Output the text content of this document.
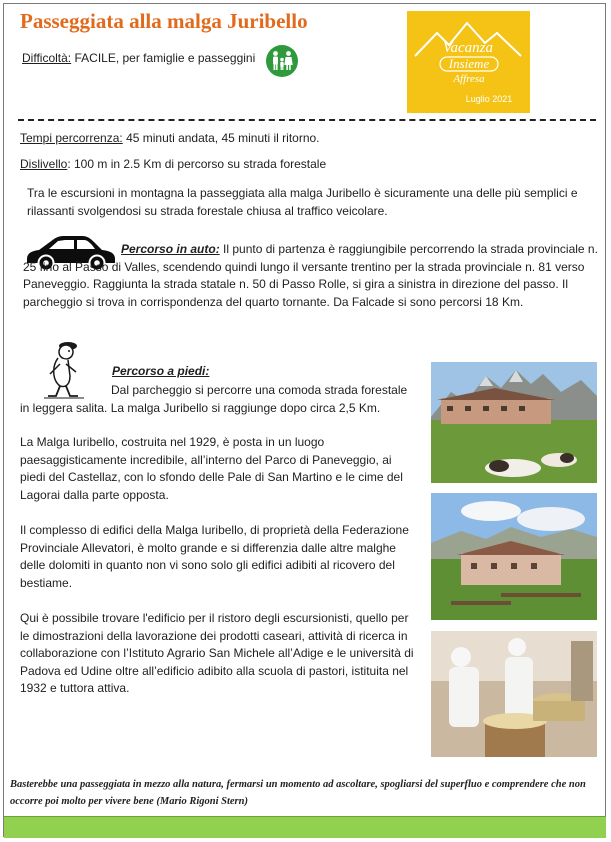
Passeggiata alla malga Juribello
Difficoltà: FACILE, per famiglie e passeggini
Vacanza
Insieme
Affresa
Luglio 2021
Tempi percorrenza: 45 minuti andata, 45 minuti il ritorno.
Dislivello: 100 m in 2.5 Km di percorso su strada forestale

Tra le escursioni in montagna la passeggiata alla malga Juribello è sicuramente una delle più semplici e rilassanti svolgendosi su strada forestale chiusa al traffico veicolare.

Percorso in auto: Il punto di partenza è raggiungibile percorrendo la strada provinciale n. 25 fino al Passo di Valles, scendendo quindi lungo il versante trentino per la strada provinciale n. 81 verso Paneveggio. Raggiunta la strada statale n. 50 di Passo Rolle, si gira a sinistra in direzione del passo. Il parcheggio si trova in corrispondenza del quarto tornante. Da Falcade si sono percorsi 18 Km.

Percorso a piedi:

Dal parcheggio si percorre una comoda strada forestale in leggera salita. La malga Juribello si raggiunge dopo circa 2,5 Km.

La Malga Iuribello, costruita nel 1929, è posta in un luogo paesaggisticamente incredibile, all’interno del Parco di Paneveggio, ai piedi del Castellaz, con lo sfondo delle Pale di San Martino e le cime del Lagorai dalla parte opposta.

Il complesso di edifici della Malga Iuribello, di proprietà della Federazione Provinciale Allevatori, è molto grande e si differenzia dalle altre malghe delle dolomiti in quanto non vi sono solo gli edifici adibiti al ricovero del bestiame.

Qui è possibile trovare l'edificio per il ristoro degli escursionisti, quello per le dimostrazioni della lavorazione dei prodotti caseari, attività di ricerca in collaborazione con l’Istituto Agrario San Michele all’Adige e le università di Padova ed Udine oltre all’edificio adibito alla scuola di pastori, istituita nel 1932 e tuttora attiva.

Basterebbe una passeggiata in mezzo alla natura, fermarsi un momento ad ascoltare, spogliarsi del superfluo e comprendere che non occorre poi molto per vivere bene (Mario Rigoni Stern)
